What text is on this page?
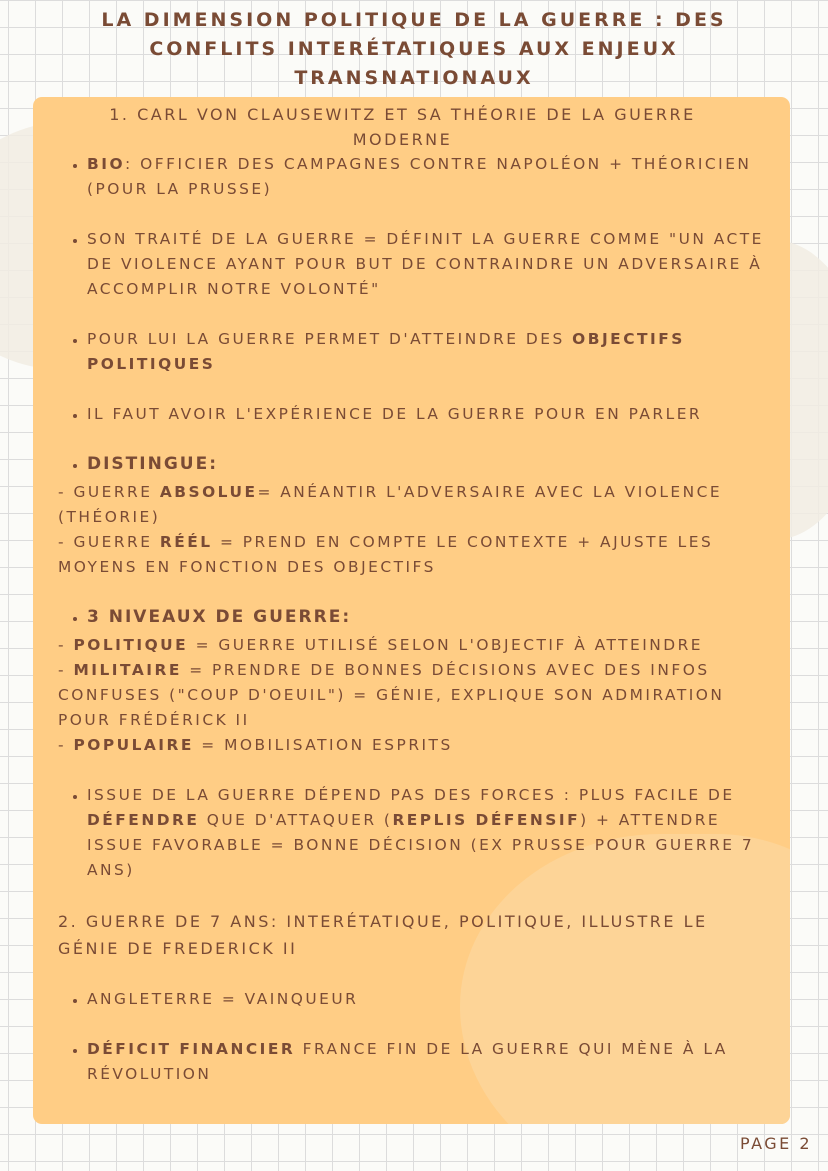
LA DIMENSION POLITIQUE DE LA GUERRE : DES CONFLITS INTERÉTATIQUES AUX ENJEUX TRANSNATIONAUX

1. CARL VON CLAUSEWITZ ET SA THÉORIE DE LA GUERRE MODERNE

• BIO: OFFICIER DES CAMPAGNES CONTRE NAPOLÉON + THÉORICIEN (POUR LA PRUSSE)
• SON TRAITÉ DE LA GUERRE = DÉFINIT LA GUERRE COMME "UN ACTE DE VIOLENCE AYANT POUR BUT DE CONTRAINDRE UN ADVERSAIRE À ACCOMPLIR NOTRE VOLONTÉ"
• POUR LUI LA GUERRE PERMET D'ATTEINDRE DES OBJECTIFS POLITIQUES
• IL FAUT AVOIR L'EXPÉRIENCE DE LA GUERRE POUR EN PARLER
• DISTINGUE:

- GUERRE ABSOLUE= ANÉANTIR L'ADVERSAIRE AVEC LA VIOLENCE (THÉORIE)

- GUERRE RÉÉL = PREND EN COMPTE LE CONTEXTE + AJUSTE LES MOYENS EN FONCTION DES OBJECTIFS

• 3 NIVEAUX DE GUERRE:

- POLITIQUE = GUERRE UTILISÉ SELON L'OBJECTIF À ATTEINDRE

- MILITAIRE = PRENDRE DE BONNES DÉCISIONS AVEC DES INFOS CONFUSES ("COUP D'OEUIL") = GÉNIE, EXPLIQUE SON ADMIRATION POUR FRÉDÉRICK II

- POPULAIRE = MOBILISATION ESPRITS

• ISSUE DE LA GUERRE DÉPEND PAS DES FORCES : PLUS FACILE DE DÉFENDRE QUE D'ATTAQUER (REPLIS DÉFENSIF) + ATTENDRE ISSUE FAVORABLE = BONNE DÉCISION (EX PRUSSE POUR GUERRE 7 ANS)

2. GUERRE DE 7 ANS: INTERÉTATIQUE, POLITIQUE, ILLUSTRE LE GÉNIE DE FREDERICK II

• ANGLETERRE = VAINQUEUR
• DÉFICIT FINANCIER FRANCE FIN DE LA GUERRE QUI MÈNE À LA RÉVOLUTION

PAGE 2
